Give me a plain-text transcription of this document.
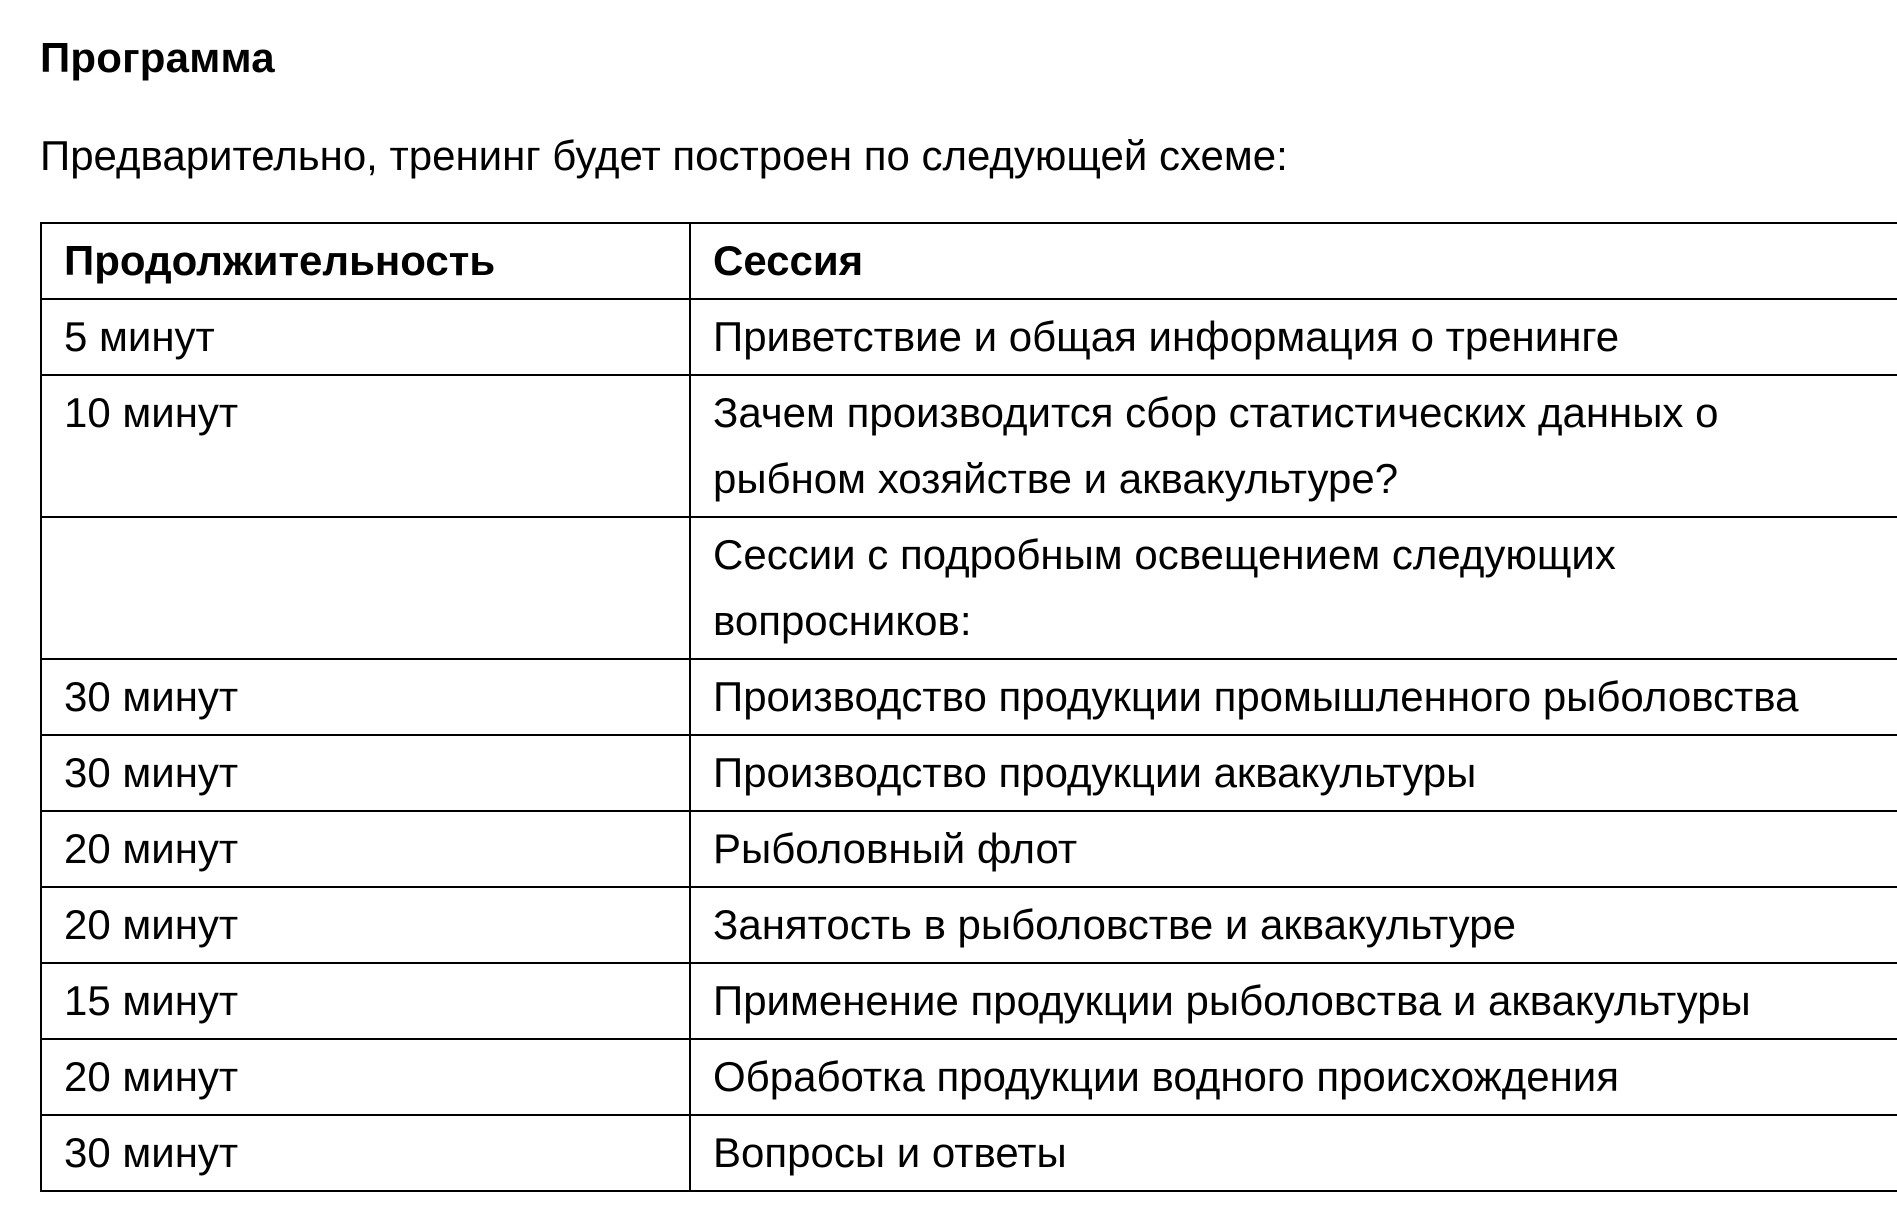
Программа

Предварительно, тренинг будет построен по следующей схеме:

Продолжительность	Сессия
5 минут	Приветствие и общая информация о тренинге
10 минут	Зачем производится сбор статистических данных о рыбном хозяйстве и аквакультуре?
	Сессии с подробным освещением следующих вопросников:
30 минут	Производство продукции промышленного рыболовства
30 минут	Производство продукции аквакультуры
20 минут	Рыболовный флот
20 минут	Занятость в рыболовстве и аквакультуре
15 минут	Применение продукции рыболовства и аквакультуры
20 минут	Обработка продукции водного происхождения
30 минут	Вопросы и ответы
